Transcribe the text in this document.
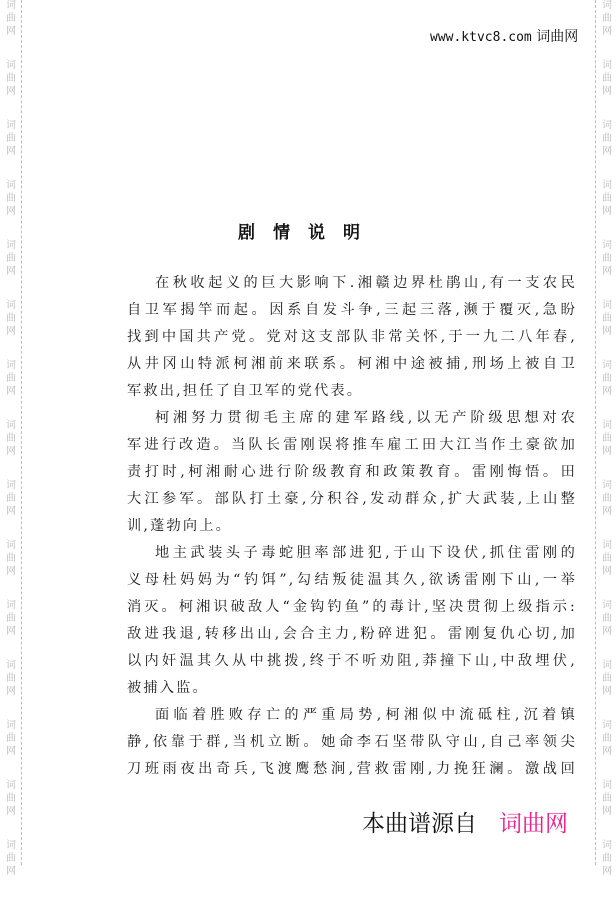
词
曲
网
词
曲
网
词
曲
网
词
曲
网
词
曲
网
词
曲
网
词
曲
网
词
曲
网
词
曲
网
词
曲
网
词
曲
网
词
曲
网
词
曲
网
词
曲
网
词
曲
网
词
曲
网
词
曲
网
词
曲
网
词
曲
网
词
曲
网
词
曲
网
词
曲
网
词
曲
网
词
曲
网
词
曲
网
词
曲
网
词
曲
网
词
曲
网
词
曲
网
词
曲
网
www.ktvc8.com 词曲网
剧情说明
在秋收起义的巨大影响下.湘赣边界杜鹃山,有一支农民
自卫军揭竿而起。因系自发斗争,三起三落,濒于覆灭,急盼
找到中国共产党。党对这支部队非常关怀,于一九二八年春,
从井冈山特派柯湘前来联系。柯湘中途被捕,刑场上被自卫
军救出,担任了自卫军的党代表。
柯湘努力贯彻毛主席的建军路线,以无产阶级思想对农
军进行改造。当队长雷刚误将推车雇工田大江当作土豪欲加
责打时,柯湘耐心进行阶级教育和政策教育。雷刚悔悟。田
大江参军。部队打土豪,分积谷,发动群众,扩大武装,上山整
训,蓬勃向上。
地主武装头子毒蛇胆率部进犯,于山下设伏,抓住雷刚的
义母杜妈妈为“钓饵”,勾结叛徒温其久,欲诱雷刚下山,一举
消灭。柯湘识破敌人“金钩钓鱼”的毒计,坚决贯彻上级指示:
敌进我退,转移出山,会合主力,粉碎进犯。雷刚复仇心切,加
以内奸温其久从中挑拨,终于不听劝阻,莽撞下山,中敌埋伏,
被捕入监。
面临着胜败存亡的严重局势,柯湘似中流砥柱,沉着镇
静,依靠于群,当机立断。她命李石坚带队守山,自己率领尖
刀班雨夜出奇兵,飞渡鹰愁涧,营救雷刚,力挽狂澜。激战回
本曲谱源自 词曲网
